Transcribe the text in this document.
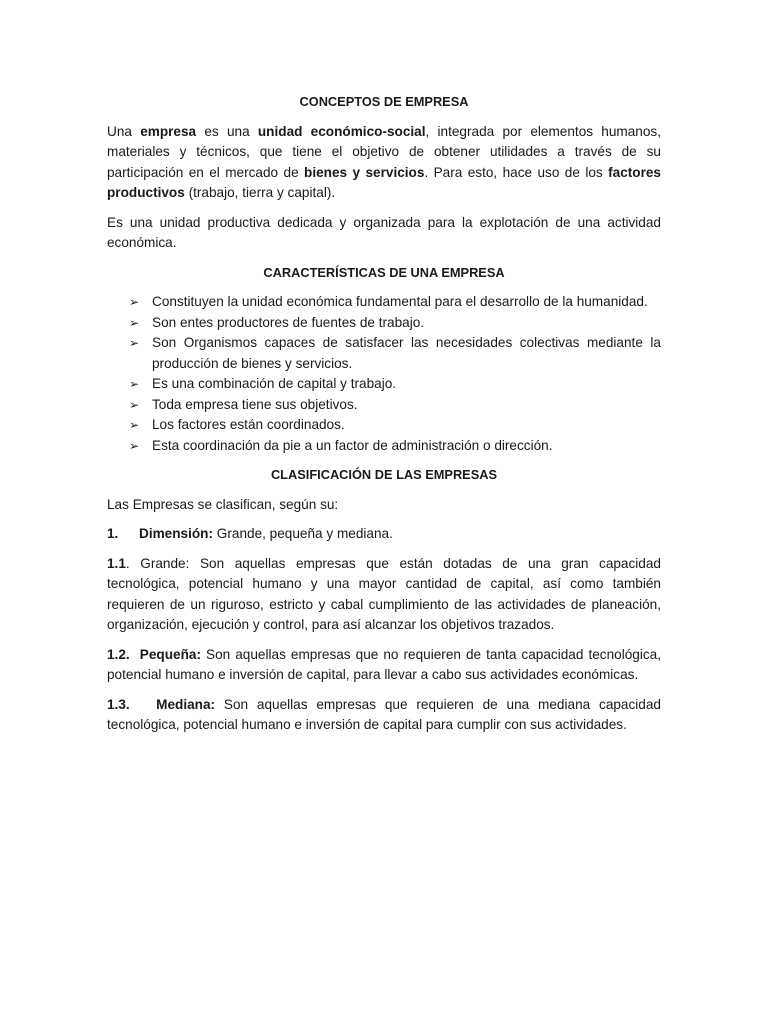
CONCEPTOS DE EMPRESA
Una empresa es una unidad económico-social, integrada por elementos humanos, materiales y técnicos, que tiene el objetivo de obtener utilidades a través de su participación en el mercado de bienes y servicios. Para esto, hace uso de los factores productivos (trabajo, tierra y capital).
Es una unidad productiva dedicada y organizada para la explotación de una actividad económica.
CARACTERÍSTICAS DE UNA EMPRESA
➢ Constituyen la unidad económica fundamental para el desarrollo de la humanidad.
➢ Son entes productores de fuentes de trabajo.
➢ Son Organismos capaces de satisfacer las necesidades colectivas mediante la producción de bienes y servicios.
➢ Es una combinación de capital y trabajo.
➢ Toda empresa tiene sus objetivos.
➢ Los factores están coordinados.
➢ Esta coordinación da pie a un factor de administración o dirección.
CLASIFICACIÓN DE LAS EMPRESAS
Las Empresas se clasifican, según su:
1. Dimensión: Grande, pequeña y mediana.
1.1. Grande: Son aquellas empresas que están dotadas de una gran capacidad tecnológica, potencial humano y una mayor cantidad de capital, así como también requieren de un riguroso, estricto y cabal cumplimiento de las actividades de planeación, organización, ejecución y control, para así alcanzar los objetivos trazados.
1.2. Pequeña: Son aquellas empresas que no requieren de tanta capacidad tecnológica, potencial humano e inversión de capital, para llevar a cabo sus actividades económicas.
1.3. Mediana: Son aquellas empresas que requieren de una mediana capacidad tecnológica, potencial humano e inversión de capital para cumplir con sus actividades.
